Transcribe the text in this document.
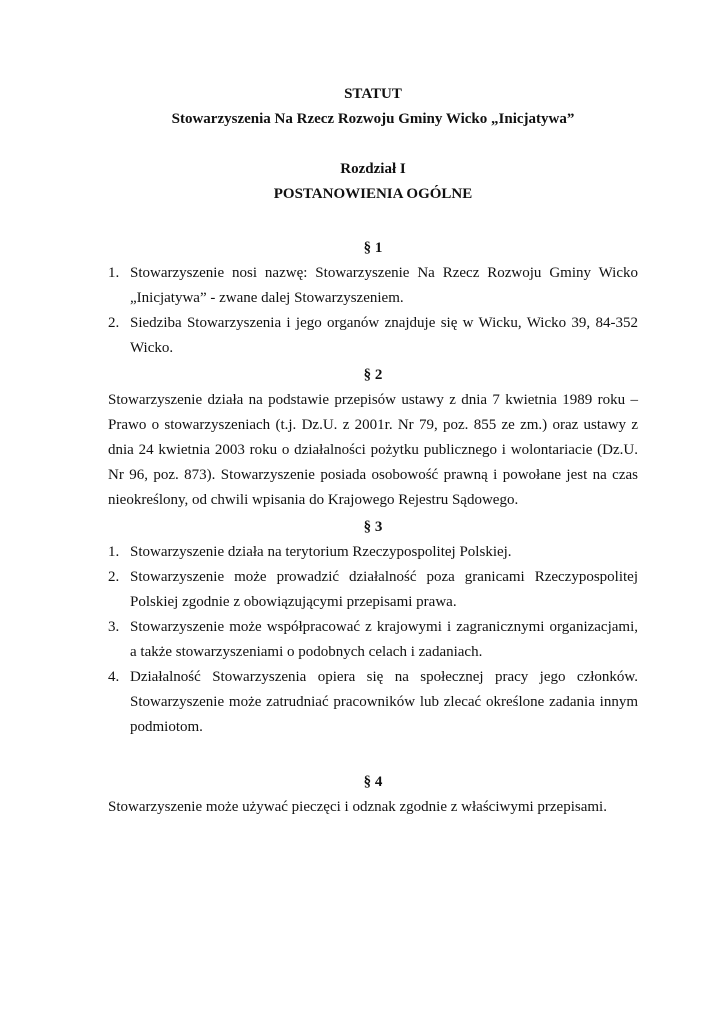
STATUT
Stowarzyszenia Na Rzecz Rozwoju Gminy Wicko „Inicjatywa”
Rozdział I
POSTANOWIENIA OGÓLNE
§ 1
1. Stowarzyszenie nosi nazwę: Stowarzyszenie Na Rzecz Rozwoju Gminy Wicko „Inicjatywa” - zwane dalej Stowarzyszeniem.
2. Siedziba Stowarzyszenia i jego organów znajduje się w Wicku, Wicko 39, 84-352 Wicko.
§ 2

Stowarzyszenie działa na podstawie przepisów ustawy z dnia 7 kwietnia 1989 roku – Prawo o stowarzyszeniach (t.j. Dz.U. z 2001r. Nr 79, poz. 855 ze zm.) oraz ustawy z dnia 24 kwietnia 2003 roku o działalności pożytku publicznego i wolontariacie (Dz.U. Nr 96, poz. 873). Stowarzyszenie posiada osobowość prawną i powołane jest na czas nieokreślony, od chwili wpisania do Krajowego Rejestru Sądowego.

§ 3
1. Stowarzyszenie działa na terytorium Rzeczypospolitej Polskiej.
2. Stowarzyszenie może prowadzić działalność poza granicami Rzeczypospolitej Polskiej zgodnie z obowiązującymi przepisami prawa.
3. Stowarzyszenie może współpracować z krajowymi i zagranicznymi organizacjami, a także stowarzyszeniami o podobnych celach i zadaniach.
4. Działalność Stowarzyszenia opiera się na społecznej pracy jego członków. Stowarzyszenie może zatrudniać pracowników lub zlecać określone zadania innym podmiotom.
§ 4

Stowarzyszenie może używać pieczęci i odznak zgodnie z właściwymi przepisami.
